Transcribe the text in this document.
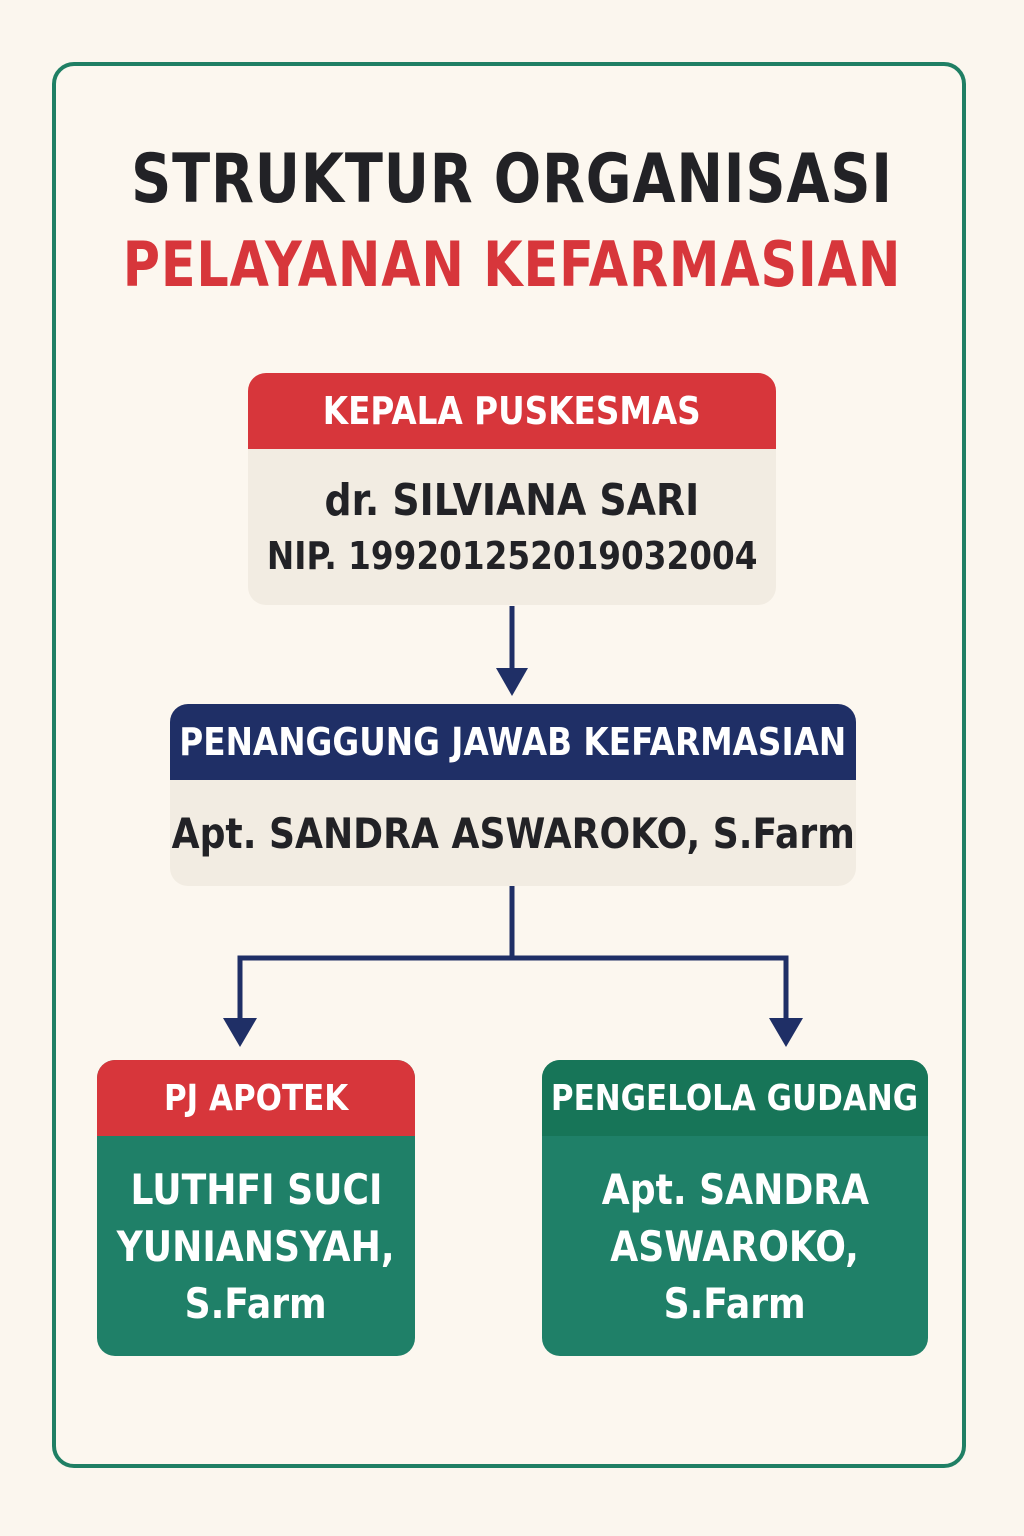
STRUKTUR ORGANISASI
PELAYANAN KEFARMASIAN
KEPALA PUSKESMAS
dr. SILVIANA SARI
NIP. 199201252019032004
PENANGGUNG JAWAB KEFARMASIAN
Apt. SANDRA ASWAROKO, S.Farm
PJ APOTEK
LUTHFI SUCI
YUNIANSYAH,
S.Farm
PENGELOLA GUDANG
Apt. SANDRA
ASWAROKO,
S.Farm
